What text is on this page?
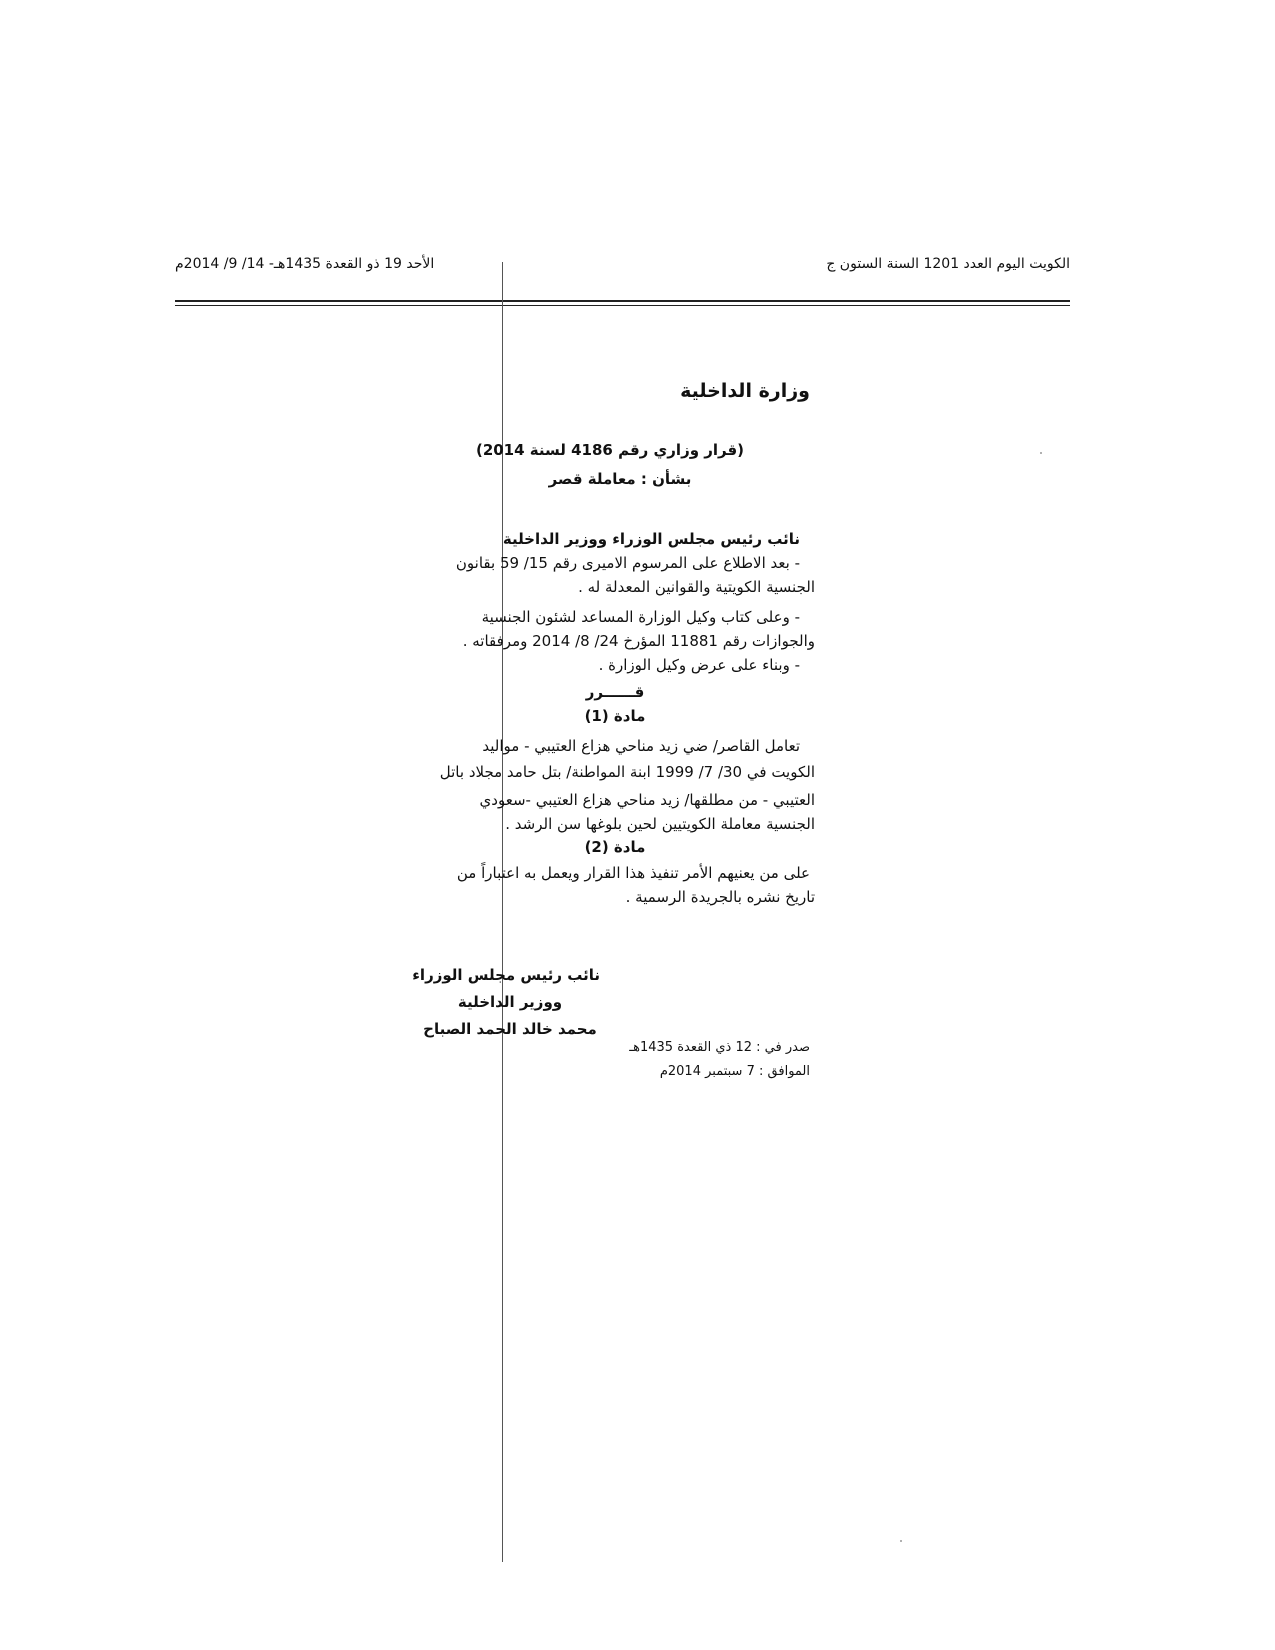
الكويت اليوم العدد 1201 السنة الستون ج
الأحد 19 ذو القعدة 1435هـ- 14/ 9/ 2014م
وزارة الداخلية
(قرار وزاري رقم 4186 لسنة 2014)
بشأن : معاملة قصر
نائب رئيس مجلس الوزراء ووزير الداخلية
- بعد الاطلاع على المرسوم الاميرى رقم 15/ 59 بقانون
الجنسية الكويتية والقوانين المعدلة له .
- وعلى كتاب وكيل الوزارة المساعد لشئون الجنسية
والجوازات رقم 11881 المؤرخ 24/ 8/ 2014 ومرفقاته .
- وبناء على عرض وكيل الوزارة .
قــــــرر
مادة (1)
تعامل القاصر/ ضي زيد مناحي هزاع العتيبي - مواليد
الكويت في 30/ 7/ 1999 ابنة المواطنة/ بتل حامد مجلاد باتل
العتيبي - من مطلقها/ زيد مناحي هزاع العتيبي -سعودي
الجنسية معاملة الكويتيين لحين بلوغها سن الرشد .
مادة (2)
على من يعنيهم الأمر تنفيذ هذا القرار ويعمل به اعتباراً من
تاريخ نشره بالجريدة الرسمية .
نائب رئيس مجلس الوزراء
ووزير الداخلية
محمد خالد الحمد الصباح
صدر في : 12 ذي القعدة 1435هـ
الموافق : 7 سبتمبر 2014م
